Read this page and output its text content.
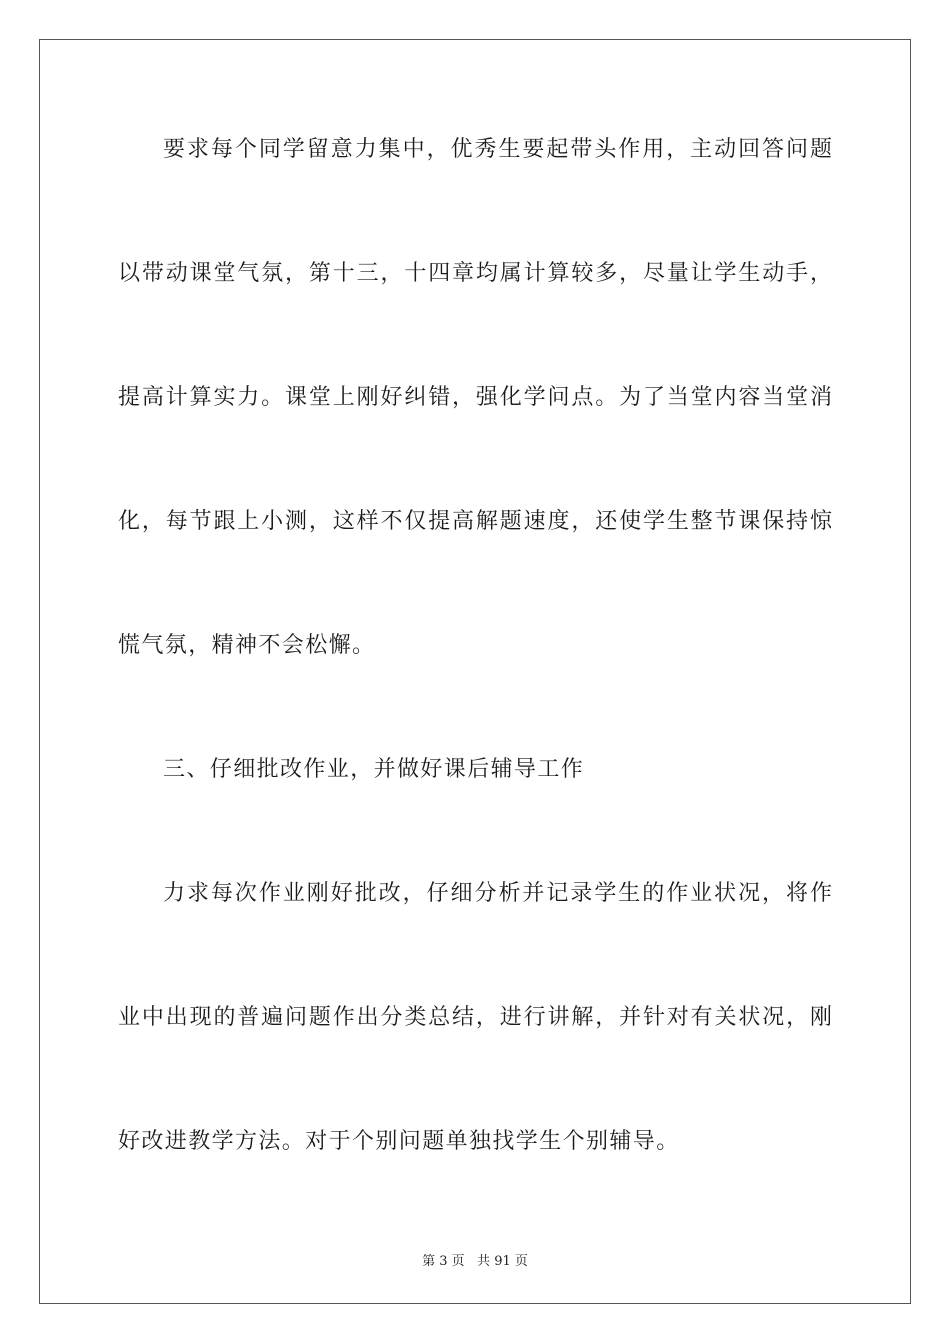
要求每个同学留意力集中，优秀生要起带头作用，主动回答问题
以带动课堂气氛，第十三，十四章均属计算较多，尽量让学生动手，
提高计算实力。课堂上刚好纠错，强化学问点。为了当堂内容当堂消
化，每节跟上小测，这样不仅提高解题速度，还使学生整节课保持惊
慌气氛，精神不会松懈。
三、仔细批改作业，并做好课后辅导工作
力求每次作业刚好批改，仔细分析并记录学生的作业状况，将作
业中出现的普遍问题作出分类总结，进行讲解，并针对有关状况，刚
好改进教学方法。对于个别问题单独找学生个别辅导。
第 3 页   共 91 页
